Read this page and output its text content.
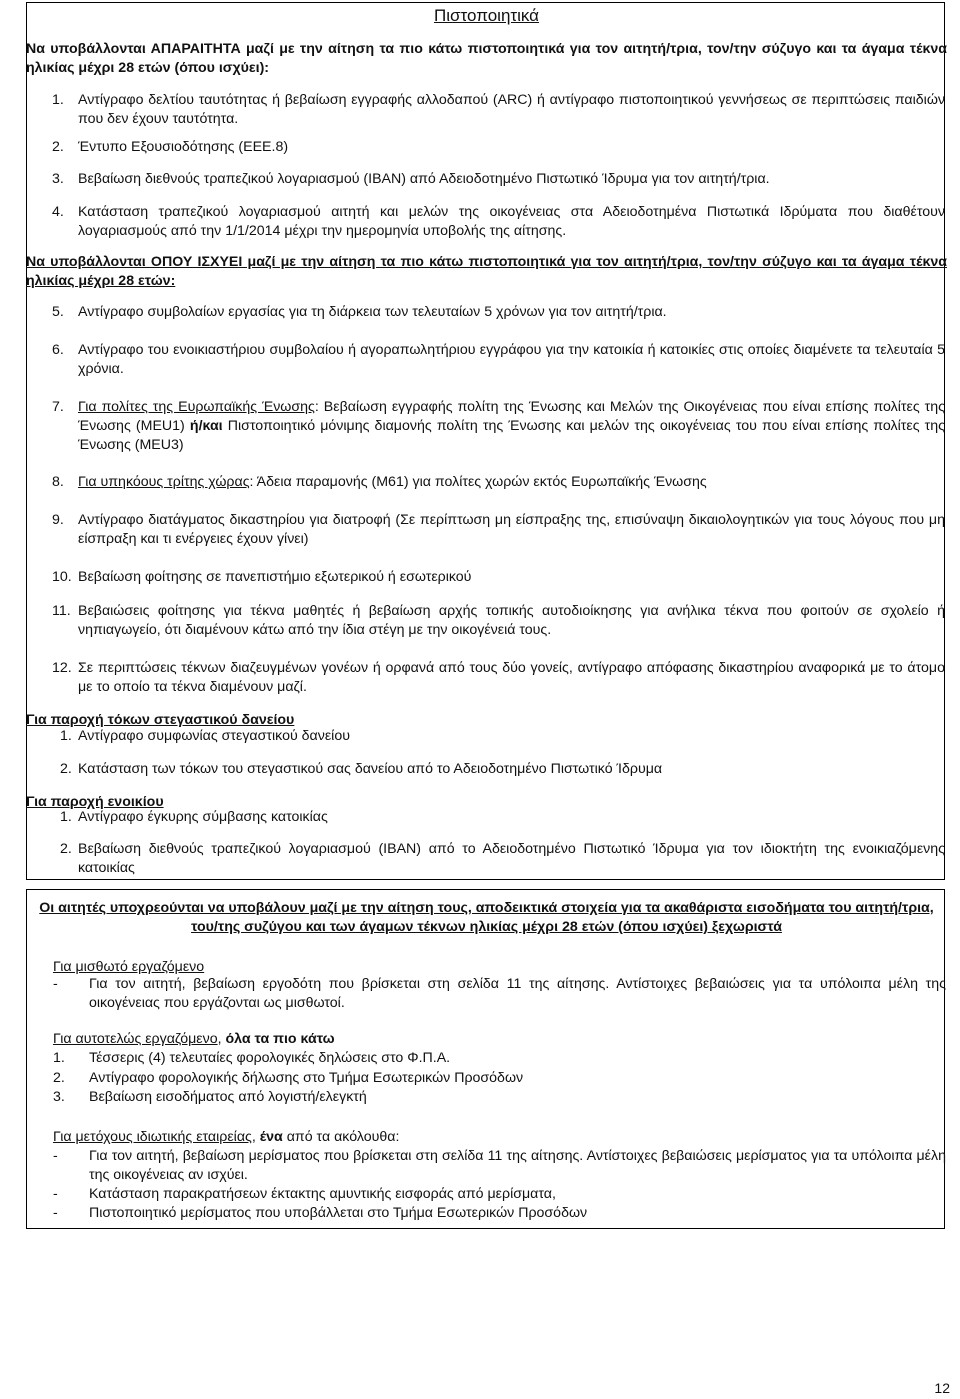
Πιστοποιητικά
Να υποβάλλονται ΑΠΑΡΑΙΤΗΤΑ μαζί με την αίτηση τα πιο κάτω πιστοποιητικά για τον αιτητή/τρια, τον/την σύζυγο και τα άγαμα τέκνα ηλικίας μέχρι 28 ετών (όπου ισχύει):
1. Αντίγραφο δελτίου ταυτότητας ή βεβαίωση εγγραφής αλλοδαπού (ARC) ή αντίγραφο πιστοποιητικού γεννήσεως σε περιπτώσεις παιδιών που δεν έχουν ταυτότητα.
2. Έντυπο Εξουσιοδότησης (ΕΕΕ.8)
3. Βεβαίωση διεθνούς τραπεζικού λογαριασμού (IBAN) από Αδειοδοτημένο Πιστωτικό Ίδρυμα για τον αιτητή/τρια.
4. Κατάσταση τραπεζικού λογαριασμού αιτητή και μελών της οικογένειας στα Αδειοδοτημένα Πιστωτικά Ιδρύματα που διαθέτουν λογαριασμούς από την 1/1/2014 μέχρι την ημερομηνία υποβολής της αίτησης.
Να υποβάλλονται ΟΠΟΥ ΙΣΧΥΕΙ μαζί με την αίτηση τα πιο κάτω πιστοποιητικά για τον αιτητή/τρια, τον/την σύζυγο και τα άγαμα τέκνα ηλικίας μέχρι 28 ετών:
5. Αντίγραφο συμβολαίων εργασίας για τη διάρκεια των τελευταίων 5 χρόνων για τον αιτητή/τρια.
6. Αντίγραφο του ενοικιαστήριου συμβολαίου ή αγοραπωλητήριου εγγράφου για την κατοικία ή κατοικίες στις οποίες διαμένετε τα τελευταία 5 χρόνια.
7. Για πολίτες της Ευρωπαϊκής Ένωσης: Βεβαίωση εγγραφής πολίτη της Ένωσης και Μελών της Οικογένειας που είναι επίσης πολίτες της Ένωσης (MEU1) ή/και Πιστοποιητικό μόνιμης διαμονής πολίτη της Ένωσης και μελών της οικογένειας του που είναι επίσης πολίτες της Ένωσης (MEU3)
8. Για υπηκόους τρίτης χώρας: Άδεια παραμονής (Μ61) για πολίτες χωρών εκτός Ευρωπαϊκής Ένωσης
9. Αντίγραφο διατάγματος δικαστηρίου για διατροφή (Σε περίπτωση μη είσπραξης της, επισύναψη δικαιολογητικών για τους λόγους που μη είσπραξη και τι ενέργειες έχουν γίνει)
10. Βεβαίωση φοίτησης σε πανεπιστήμιο εξωτερικού ή εσωτερικού
11. Βεβαιώσεις φοίτησης για τέκνα μαθητές ή βεβαίωση αρχής τοπικής αυτοδιοίκησης για ανήλικα τέκνα που φοιτούν σε σχολείο ή νηπιαγωγείο, ότι διαμένουν κάτω από την ίδια στέγη με την οικογένειά τους.
12. Σε περιπτώσεις τέκνων διαζευγμένων γονέων ή ορφανά από τους δύο γονείς, αντίγραφο απόφασης δικαστηρίου αναφορικά με το άτομο με το οποίο τα τέκνα διαμένουν μαζί.
Για παροχή τόκων στεγαστικού δανείου
1. Αντίγραφο συμφωνίας στεγαστικού δανείου
2. Κατάσταση των τόκων του στεγαστικού σας δανείου από το Αδειοδοτημένο Πιστωτικό Ίδρυμα
Για παροχή ενοικίου
1. Αντίγραφο έγκυρης σύμβασης κατοικίας
2. Βεβαίωση διεθνούς τραπεζικού λογαριασμού (IBAN) από το Αδειοδοτημένο Πιστωτικό Ίδρυμα για τον ιδιοκτήτη της ενοικιαζόμενης κατοικίας
Οι αιτητές υποχρεούνται να υποβάλουν μαζί με την αίτηση τους, αποδεικτικά στοιχεία για τα ακαθάριστα εισοδήματα του αιτητή/τρια, του/της συζύγου και των άγαμων τέκνων ηλικίας μέχρι 28 ετών (όπου ισχύει) ξεχωριστά
Για μισθωτό εργαζόμενο
-	Για τον αιτητή, βεβαίωση εργοδότη που βρίσκεται στη σελίδα 11 της αίτησης. Αντίστοιχες βεβαιώσεις για τα υπόλοιπα μέλη της οικογένειας που εργάζονται ως μισθωτοί.
Για αυτοτελώς εργαζόμενο, όλα τα πιο κάτω
1.	Τέσσερις (4) τελευταίες φορολογικές δηλώσεις στο Φ.Π.Α.
2.	Αντίγραφο φορολογικής δήλωσης στο Τμήμα Εσωτερικών Προσόδων
3.	Βεβαίωση εισοδήματος από λογιστή/ελεγκτή
Για μετόχους ιδιωτικής εταιρείας, ένα από τα ακόλουθα:
-	Για τον αιτητή, βεβαίωση μερίσματος που βρίσκεται στη σελίδα 11 της αίτησης. Αντίστοιχες βεβαιώσεις μερίσματος για τα υπόλοιπα μέλη της οικογένειας αν ισχύει.
-	Κατάσταση παρακρατήσεων έκτακτης αμυντικής εισφοράς από μερίσματα,
-	Πιστοποιητικό μερίσματος που υποβάλλεται στο Τμήμα Εσωτερικών Προσόδων
12
